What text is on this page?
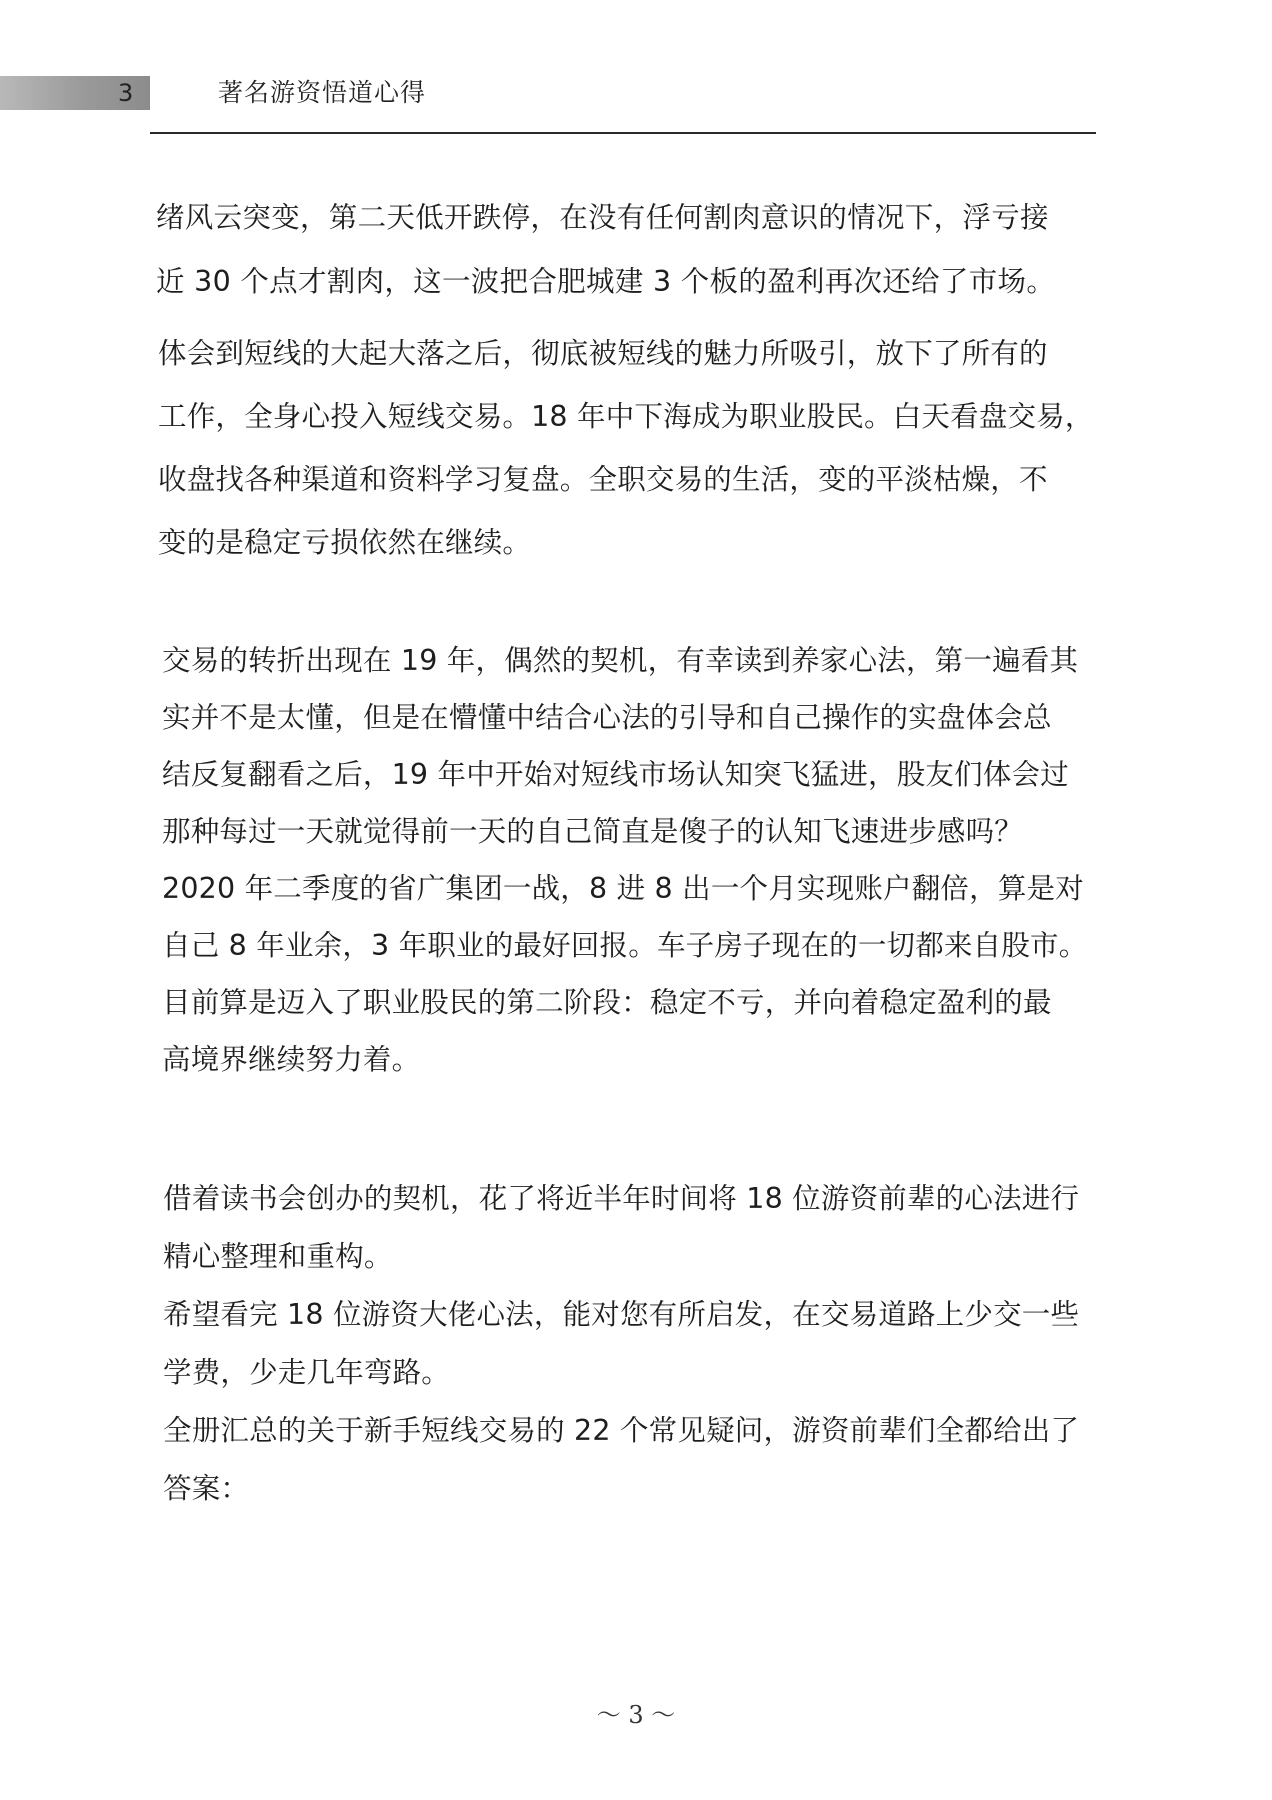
3	著名游资悟道心得

绪风云突变，第二天低开跌停，在没有任何割肉意识的情况下，浮亏接
近 30 个点才割肉，这一波把合肥城建 3 个板的盈利再次还给了市场。

体会到短线的大起大落之后，彻底被短线的魅力所吸引，放下了所有的
工作，全身心投入短线交易。18 年中下海成为职业股民。白天看盘交易，
收盘找各种渠道和资料学习复盘。全职交易的生活，变的平淡枯燥，不
变的是稳定亏损依然在继续。

交易的转折出现在 19 年，偶然的契机，有幸读到养家心法，第一遍看其
实并不是太懂，但是在懵懂中结合心法的引导和自己操作的实盘体会总
结反复翻看之后，19 年中开始对短线市场认知突飞猛进，股友们体会过
那种每过一天就觉得前一天的自己简直是傻子的认知飞速进步感吗？
2020 年二季度的省广集团一战，8 进 8 出一个月实现账户翻倍，算是对
自己 8 年业余，3 年职业的最好回报。车子房子现在的一切都来自股市。
目前算是迈入了职业股民的第二阶段：稳定不亏，并向着稳定盈利的最
高境界继续努力着。

借着读书会创办的契机，花了将近半年时间将 18 位游资前辈的心法进行
精心整理和重构。
希望看完 18 位游资大佬心法，能对您有所启发，在交易道路上少交一些
学费，少走几年弯路。
全册汇总的关于新手短线交易的 22 个常见疑问，游资前辈们全都给出了
答案：

～ 3 ～
